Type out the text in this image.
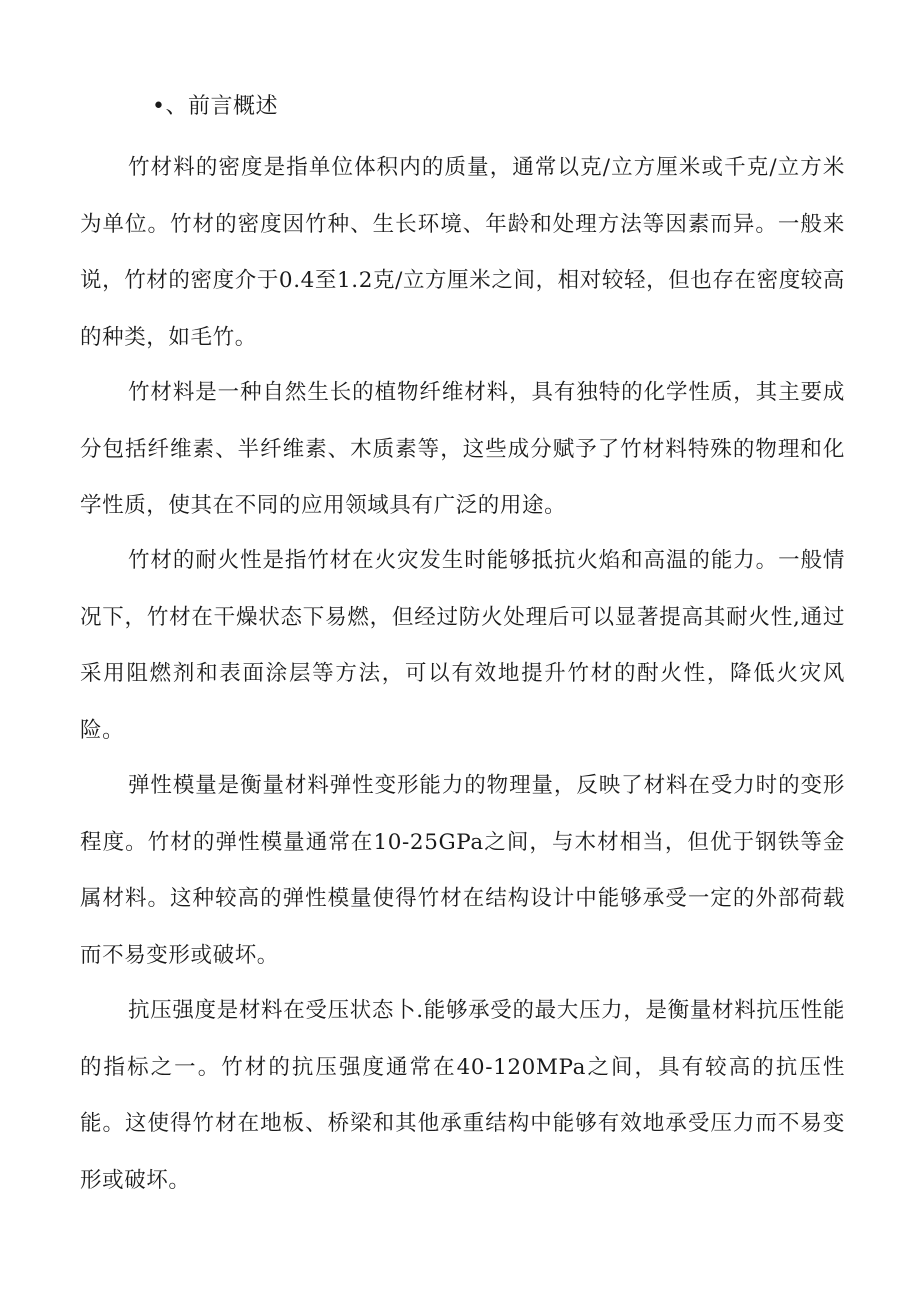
•、前言概述

竹材料的密度是指单位体积内的质量，通常以克/立方厘米或千克/立方米为单位。竹材的密度因竹种、生长环境、年龄和处理方法等因素而异。一般来说，竹材的密度介于0.4至1.2克/立方厘米之间，相对较轻，但也存在密度较高的种类，如毛竹。

竹材料是一种自然生长的植物纤维材料，具有独特的化学性质，其主要成分包括纤维素、半纤维素、木质素等，这些成分赋予了竹材料特殊的物理和化学性质，使其在不同的应用领域具有广泛的用途。

竹材的耐火性是指竹材在火灾发生时能够抵抗火焰和高温的能力。一般情况下，竹材在干燥状态下易燃，但经过防火处理后可以显著提高其耐火性,通过采用阻燃剂和表面涂层等方法，可以有效地提升竹材的酎火性，降低火灾风险。

弹性模量是衡量材料弹性变形能力的物理量，反映了材料在受力时的变形程度。竹材的弹性模量通常在10-25GPa之间，与木材相当，但优于钢铁等金属材料。这种较高的弹性模量使得竹材在结构设计中能够承受一定的外部荷载而不易变形或破坏。

抗压强度是材料在受压状态卜.能够承受的最大压力，是衡量材料抗压性能的指标之一。竹材的抗压强度通常在40-120MPa之间，具有较高的抗压性能。这使得竹材在地板、桥梁和其他承重结构中能够有效地承受压力而不易变形或破坏。
